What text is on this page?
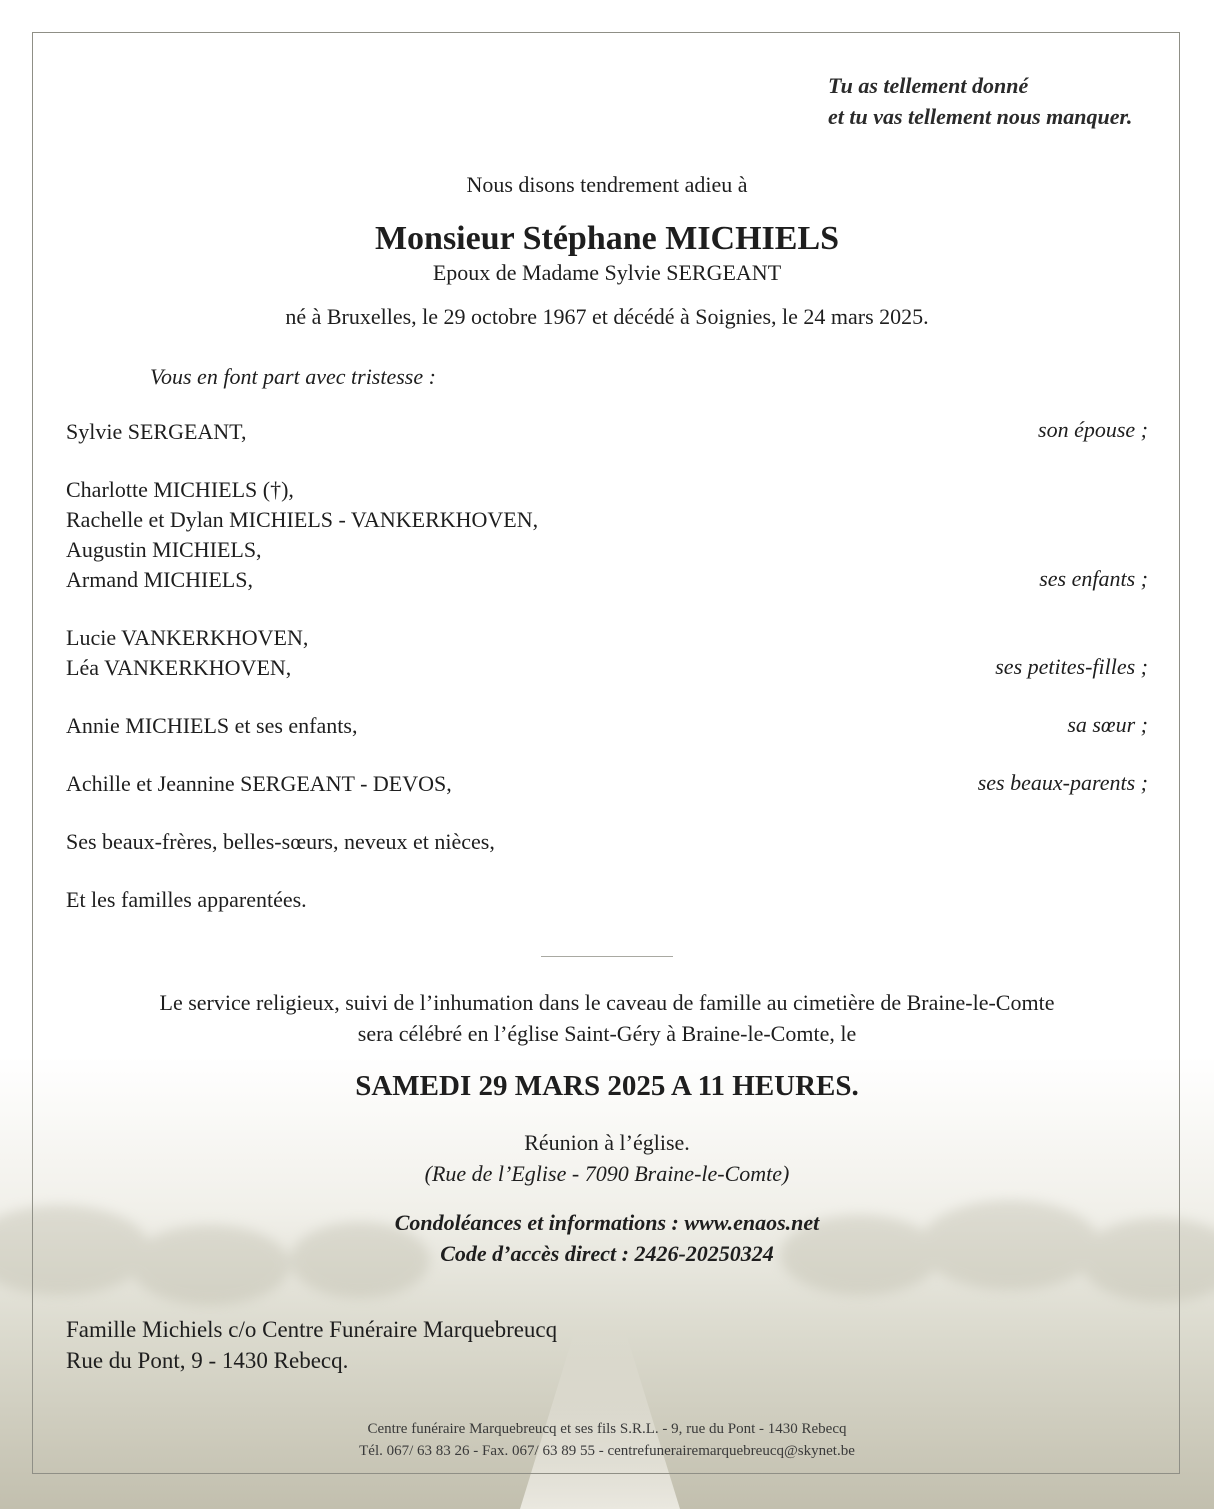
Tu as tellement donné
et tu vas tellement nous manquer.
Nous disons tendrement adieu à
Monsieur Stéphane MICHIELS
Epoux de Madame Sylvie SERGEANT
né à Bruxelles, le 29 octobre 1967 et décédé à Soignies, le 24 mars 2025.
Vous en font part avec tristesse :
Sylvie SERGEANT,	son épouse ;
Charlotte MICHIELS (†),
Rachelle et Dylan MICHIELS - VANKERKHOVEN,
Augustin MICHIELS,
Armand MICHIELS,	ses enfants ;
Lucie VANKERKHOVEN,
Léa VANKERKHOVEN,	ses petites-filles ;
Annie MICHIELS et ses enfants,	sa sœur ;
Achille et Jeannine SERGEANT - DEVOS,	ses beaux-parents ;
Ses beaux-frères, belles-sœurs, neveux et nièces,
Et les familles apparentées.
Le service religieux, suivi de l’inhumation dans le caveau de famille au cimetière de Braine-le-Comte
sera célébré en l’église Saint-Géry à Braine-le-Comte, le
SAMEDI 29 MARS 2025 A 11 HEURES.
Réunion à l’église.
(Rue de l’Eglise - 7090 Braine-le-Comte)
Condoléances et informations : www.enaos.net
Code d’accès direct : 2426-20250324
Famille Michiels c/o Centre Funéraire Marquebreucq
Rue du Pont, 9 - 1430 Rebecq.
Centre funéraire Marquebreucq et ses fils S.R.L. - 9, rue du Pont - 1430 Rebecq
Tél. 067/ 63 83 26 - Fax. 067/ 63 89 55 - centrefunerairemarquebreucq@skynet.be
